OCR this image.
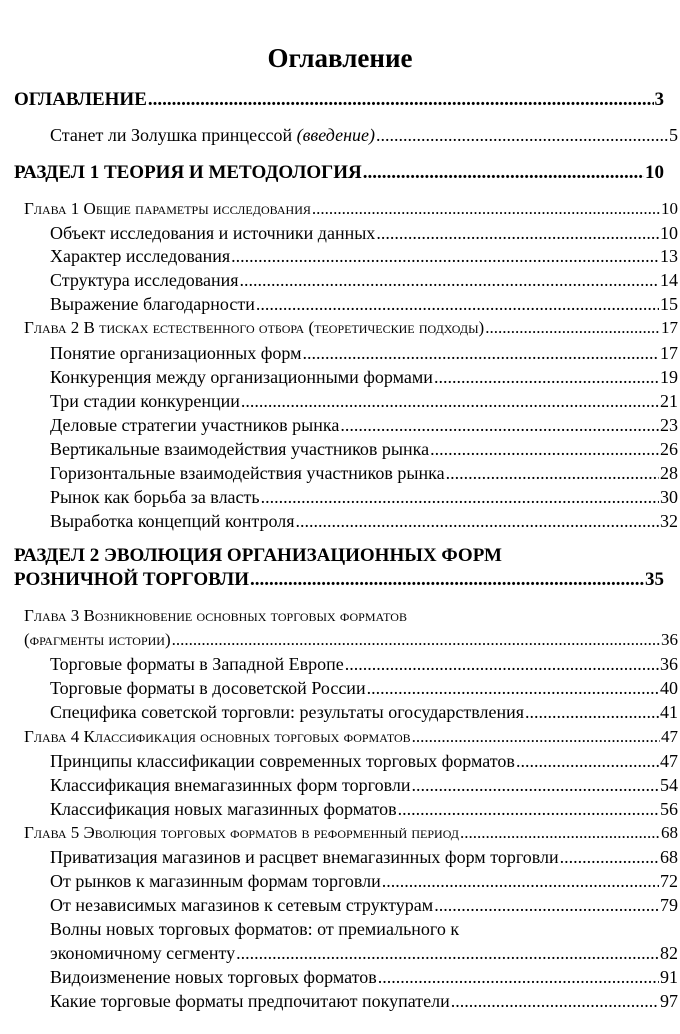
Оглавление
ОГЛАВЛЕНИЕ .....	3
Станет ли Золушка принцессой (введение) .....	5
РАЗДЕЛ 1 ТЕОРИЯ И МЕТОДОЛОГИЯ .....	10
Глава 1 Общие параметры исследования .....	10
Объект исследования и источники данных .....	10
Характер исследования .....	13
Структура исследования .....	14
Выражение благодарности .....	15
Глава 2 В тисках естественного отбора (теоретические подходы) .....	17
Понятие организационных форм .....	17
Конкуренция между организационными формами .....	19
Три стадии конкуренции .....	21
Деловые стратегии участников рынка .....	23
Вертикальные взаимодействия участников рынка .....	26
Горизонтальные взаимодействия участников рынка .....	28
Рынок как борьба за власть .....	30
Выработка концепций контроля .....	32
РАЗДЕЛ 2 ЭВОЛЮЦИЯ ОРГАНИЗАЦИОННЫХ ФОРМ
РОЗНИЧНОЙ ТОРГОВЛИ .....	35
Глава 3 Возникновение основных торговых форматов
(фрагменты истории) .....	36
Торговые форматы в Западной Европе .....	36
Торговые форматы в досоветской России .....	40
Специфика советской торговли: результаты огосударствления .....	41
Глава 4 Классификация основных торговых форматов .....	47
Принципы классификации современных торговых форматов .....	47
Классификация внемагазинных форм торговли .....	54
Классификация новых магазинных форматов .....	56
Глава 5 Эволюция торговых форматов в реформенный период .....	68
Приватизация магазинов и расцвет внемагазинных форм торговли .....	68
От рынков к магазинным формам торговли .....	72
От независимых магазинов к сетевым структурам .....	79
Волны новых торговых форматов: от премиального к
экономичному сегменту .....	82
Видоизменение новых торговых форматов .....	91
Какие торговые форматы предпочитают покупатели .....	97
